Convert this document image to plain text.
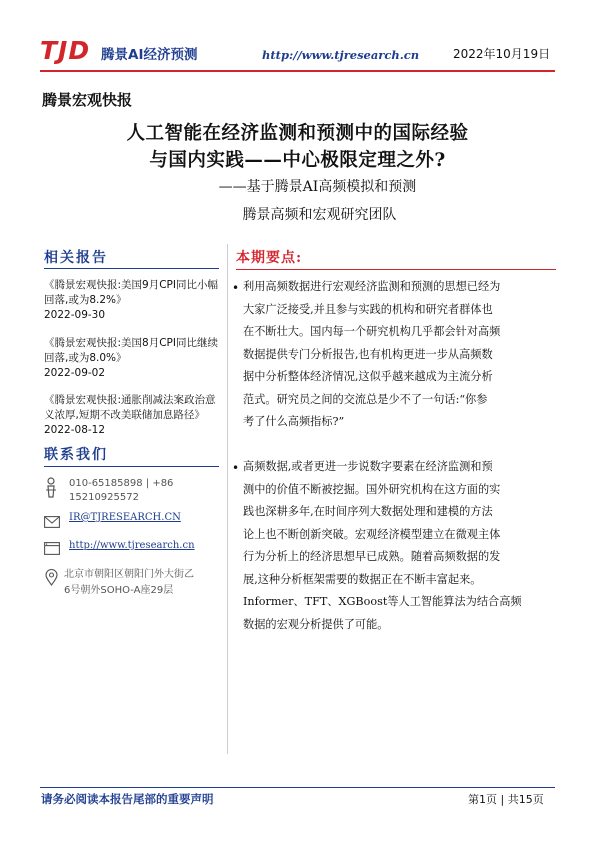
TJD 腾景AI经济预测	http://www.tjresearch.cn	2022年10月19日
腾景宏观快报
人工智能在经济监测和预测中的国际经验
与国内实践——中心极限定理之外?
——基于腾景AI高频模拟和预测
腾景高频和宏观研究团队
相关报告
《腾景宏观快报:美国9月CPI同比小幅回落,或为8.2%》
2022-09-30
《腾景宏观快报:美国8月CPI同比继续回落,或为8.0%》
2022-09-02
《腾景宏观快报:通胀削减法案政治意义浓厚,短期不改美联储加息路径》
2022-08-12
联系我们
010-65185898 | +86
15210925572
IR@TJRESEARCH.CN
http://www.tjresearch.cn
北京市朝阳区朝阳门外大街乙
6号朝外SOHO-A座29层
本期要点:
• 利用高频数据进行宏观经济监测和预测的思想已经为
大家广泛接受,并且参与实践的机构和研究者群体也
在不断壮大。国内每一个研究机构几乎都会针对高频
数据提供专门分析报告,也有机构更进一步从高频数
据中分析整体经济情况,这似乎越来越成为主流分析
范式。研究员之间的交流总是少不了一句话:“你参
考了什么高频指标?”
• 高频数据,或者更进一步说数字要素在经济监测和预
测中的价值不断被挖掘。国外研究机构在这方面的实
践也深耕多年,在时间序列大数据处理和建模的方法
论上也不断创新突破。宏观经济模型建立在微观主体
行为分析上的经济思想早已成熟。随着高频数据的发
展,这种分析框架需要的数据正在不断丰富起来。
Informer、TFT、XGBoost等人工智能算法为结合高频
数据的宏观分析提供了可能。
请务必阅读本报告尾部的重要声明	第1页 | 共15页
